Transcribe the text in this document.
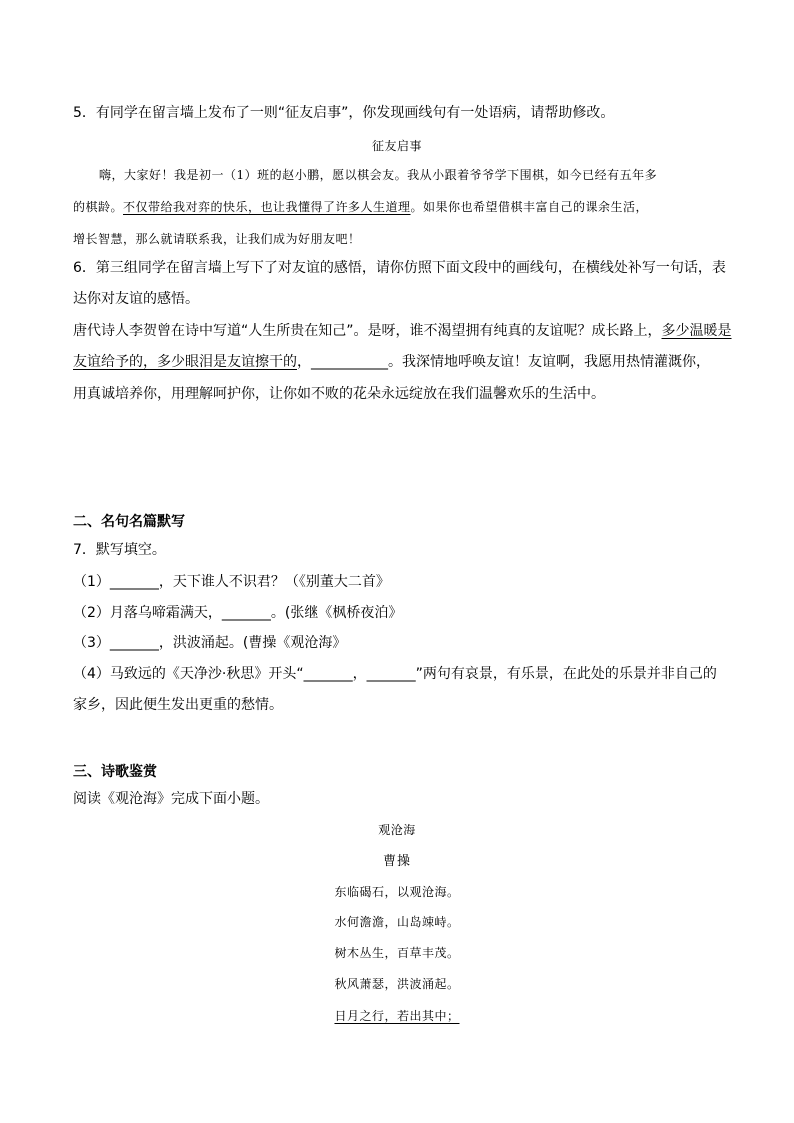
5．有同学在留言墙上发布了一则“征友启事”，你发现画线句有一处语病，请帮助修改。
征友启事
嗨，大家好！我是初一（1）班的赵小鹏，愿以棋会友。我从小跟着爷爷学下围棋，如今已经有五年多
的棋龄。不仅带给我对弈的快乐，也让我懂得了许多人生道理。如果你也希望借棋丰富自己的课余生活，
增长智慧，那么就请联系我，让我们成为好朋友吧！
6．第三组同学在留言墙上写下了对友谊的感悟，请你仿照下面文段中的画线句，在横线处补写一句话，表
达你对友谊的感悟。
唐代诗人李贺曾在诗中写道“人生所贵在知己”。是呀，谁不渴望拥有纯真的友谊呢？成长路上，多少温暖是
友谊给予的，多少眼泪是友谊擦干的，___________。我深情地呼唤友谊！友谊啊，我愿用热情灌溉你，
用真诚培养你，用理解呵护你，让你如不败的花朵永远绽放在我们温馨欢乐的生活中。
二、名句名篇默写
7．默写填空。
（1）_______，天下谁人不识君？（《别董大二首》
（2）月落乌啼霜满天，_______。(张继《枫桥夜泊》
（3）_______，洪波涌起。(曹操《观沧海》
（4）马致远的《天净沙·秋思》开头“_______，_______”两句有哀景，有乐景，在此处的乐景并非自己的
家乡，因此便生发出更重的愁情。
三、诗歌鉴赏
阅读《观沧海》完成下面小题。
观沧海
曹操
东临碣石，以观沧海。
水何澹澹，山岛竦峙。
树木丛生，百草丰茂。
秋风萧瑟，洪波涌起。
日月之行，若出其中；
